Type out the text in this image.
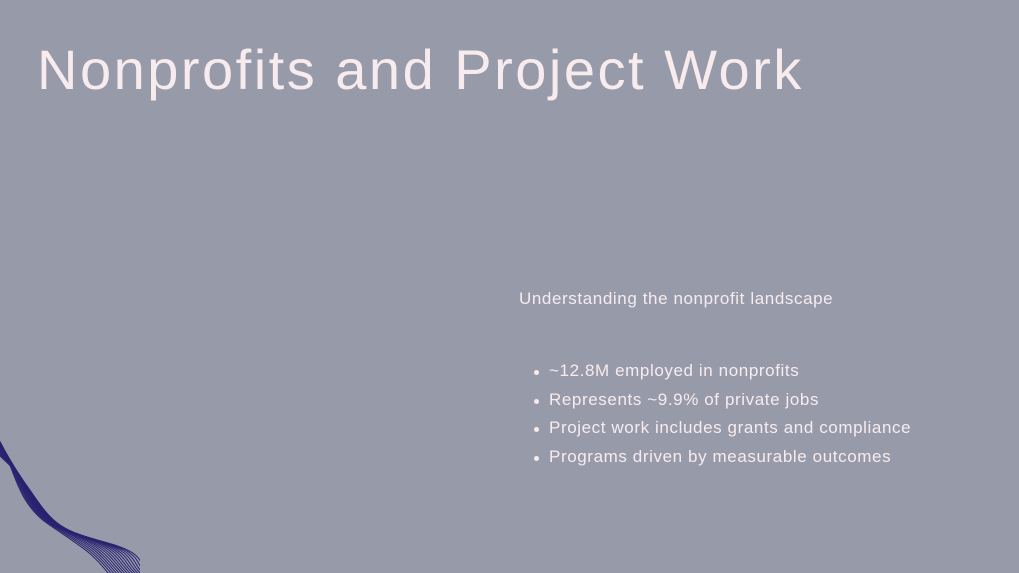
Nonprofits and Project Work
Understanding the nonprofit landscape
~12.8M employed in nonprofits
Represents ~9.9% of private jobs
Project work includes grants and compliance
Programs driven by measurable outcomes
